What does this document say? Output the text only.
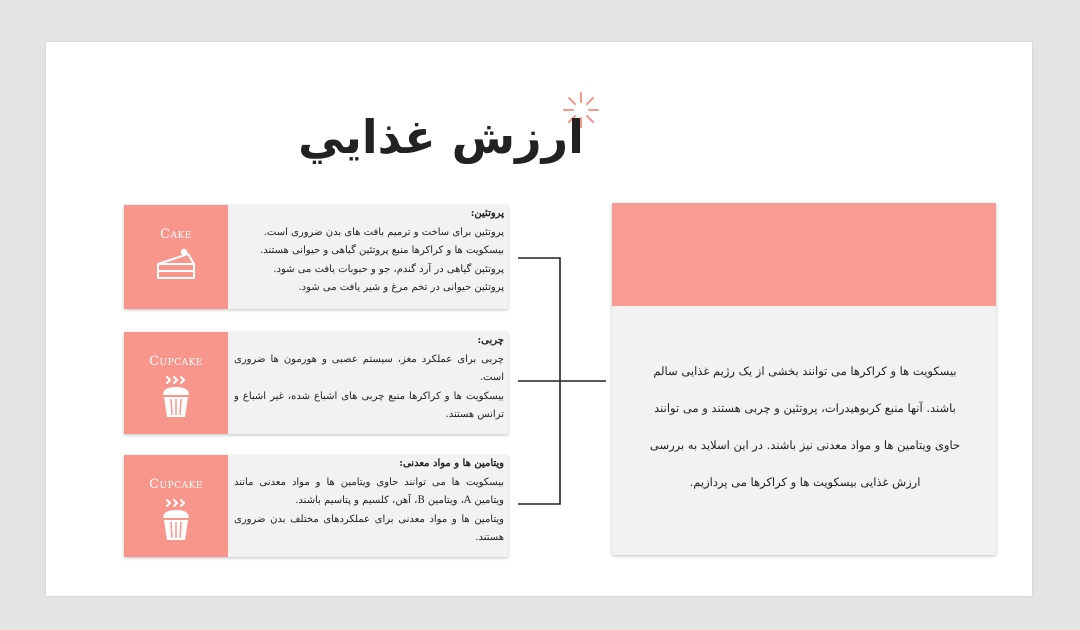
ارزش غذايي
Cake
پروتئین:
پروتئین برای ساخت و ترمیم بافت های بدن ضروری است.
بیسکویت ها و کراکرها منبع پروتئین گیاهی و حیوانی هستند.
پروتئین گیاهی در آرد گندم، جو و حبوبات یافت می شود.
پروتئین حیوانی در تخم مرغ و شیر یافت می شود.
Cupcake
چربی:
چربی برای عملکرد مغز، سیستم عصبی و هورمون ها ضروری است.
بیسکویت ها و کراکرها منبع چربی های اشباع شده، غیر اشباع و ترانس هستند.
Cupcake
ویتامین ها و مواد معدنی:
بیسکویت ها می توانند حاوی ویتامین ها و مواد معدنی مانند ویتامین A، ویتامین B، آهن، کلسیم و پتاسیم باشند.
ویتامین ها و مواد معدنی برای عملکردهای مختلف بدن ضروری هستند.
بیسکویت ها و کراکرها می توانند بخشی از یک رژیم غذایی سالم باشند. آنها منبع کربوهیدرات، پروتئین و چربی هستند و می توانند حاوی ویتامین ها و مواد معدنی نیز باشند. در این اسلاید به بررسی ارزش غذایی بیسکویت ها و کراکرها می پردازیم.
